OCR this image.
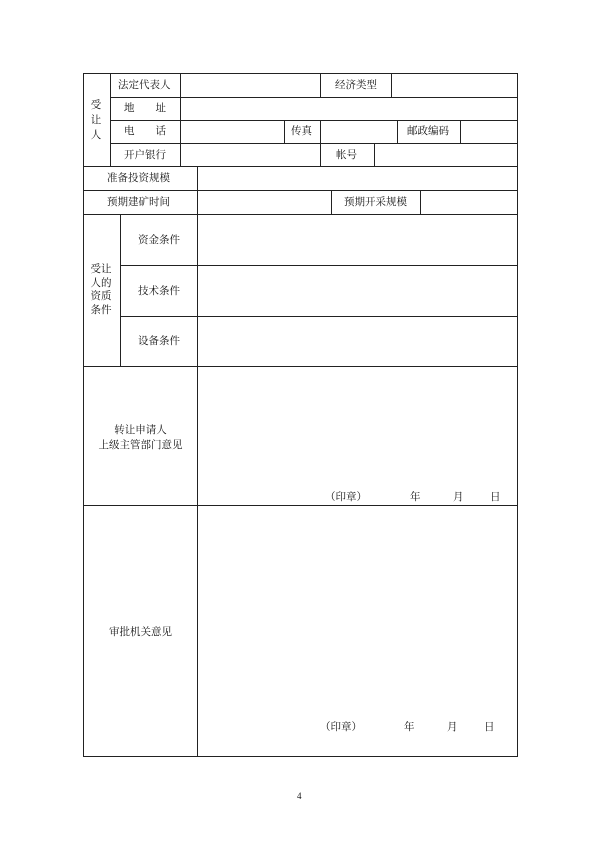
受让人
法定代表人	经济类型
地　　址
电　　话	传真	邮政编码
开户银行	帐号
准备投资规模
预期建矿时间	预期开采规模
受让
人的
资质
条件
资金条件
技术条件
设备条件
转让申请人
上级主管部门意见
（印章）	年	月	日
审批机关意见
（印章）	年	月	日
4
